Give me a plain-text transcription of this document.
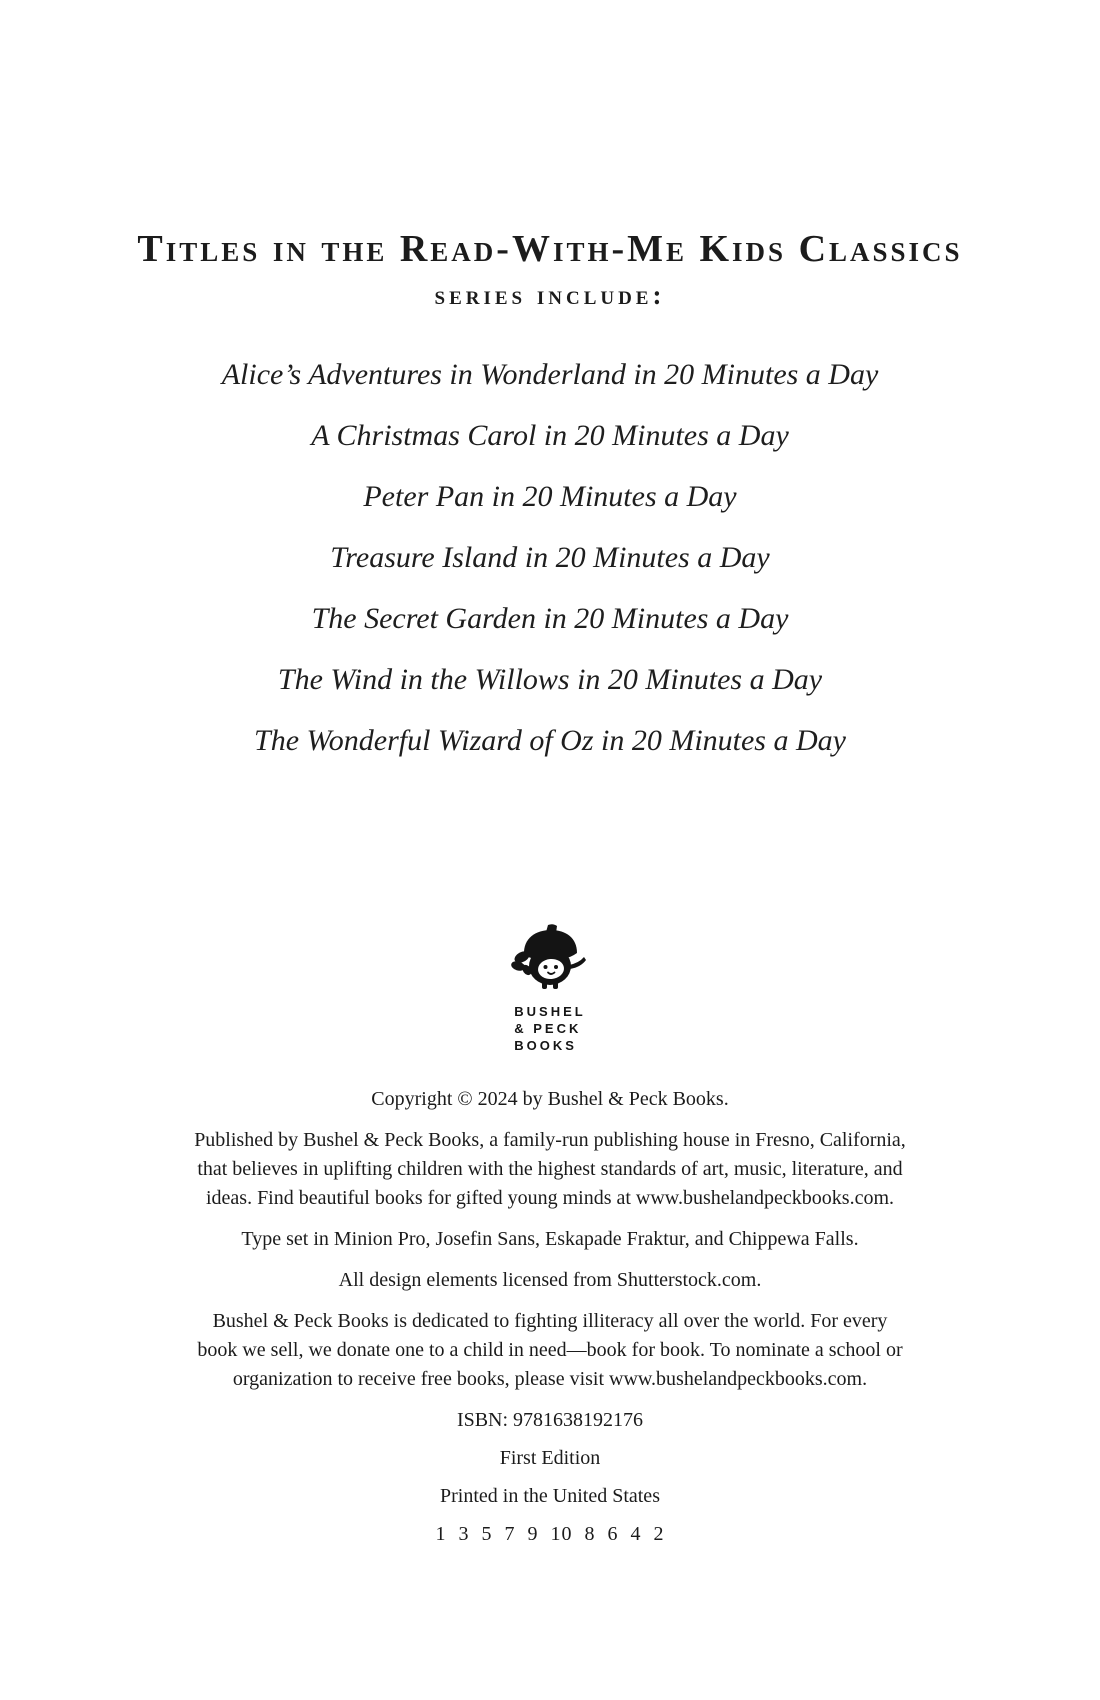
Titles in the Read-With-Me Kids Classics
series include:
Alice’s Adventures in Wonderland in 20 Minutes a Day
A Christmas Carol in 20 Minutes a Day
Peter Pan in 20 Minutes a Day
Treasure Island in 20 Minutes a Day
The Secret Garden in 20 Minutes a Day
The Wind in the Willows in 20 Minutes a Day
The Wonderful Wizard of Oz in 20 Minutes a Day
BUSHEL
& PECK
BOOKS
Copyright © 2024 by Bushel & Peck Books.
Published by Bushel & Peck Books, a family-run publishing house in Fresno, California,
that believes in uplifting children with the highest standards of art, music, literature, and
ideas. Find beautiful books for gifted young minds at www.bushelandpeckbooks.com.
Type set in Minion Pro, Josefin Sans, Eskapade Fraktur, and Chippewa Falls.
All design elements licensed from Shutterstock.com.
Bushel & Peck Books is dedicated to fighting illiteracy all over the world. For every
book we sell, we donate one to a child in need—book for book. To nominate a school or
organization to receive free books, please visit www.bushelandpeckbooks.com.
ISBN: 9781638192176
First Edition
Printed in the United States
1 3 5 7 9 10 8 6 4 2
